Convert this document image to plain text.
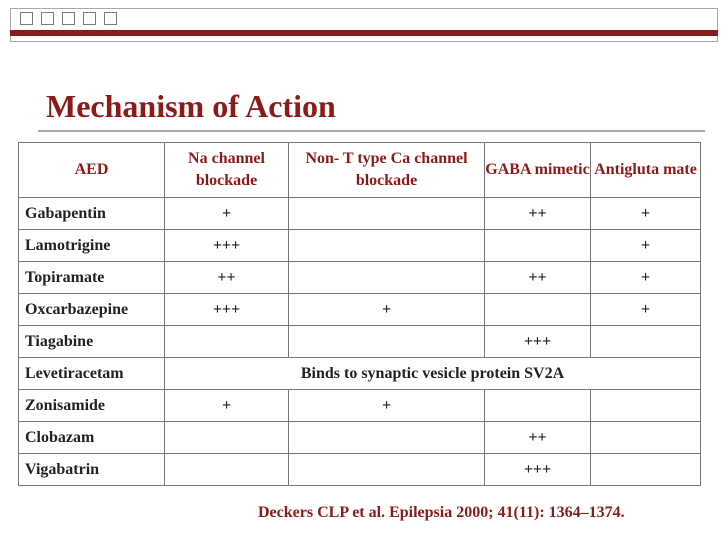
Mechanism of Action
AED	Na channel blockade	Non- T type Ca channel blockade	GABA mimetic	Antigluta mate
Gabapentin	+		++	+
Lamotrigine	+++			+
Topiramate	++		++	+
Oxcarbazepine	+++	+		+
Tiagabine			+++	
Levetiracetam	Binds to synaptic vesicle protein SV2A			
Zonisamide	+	+		
Clobazam			++	
Vigabatrin			+++	
Deckers CLP et al. Epilepsia 2000; 41(11): 1364–1374.
